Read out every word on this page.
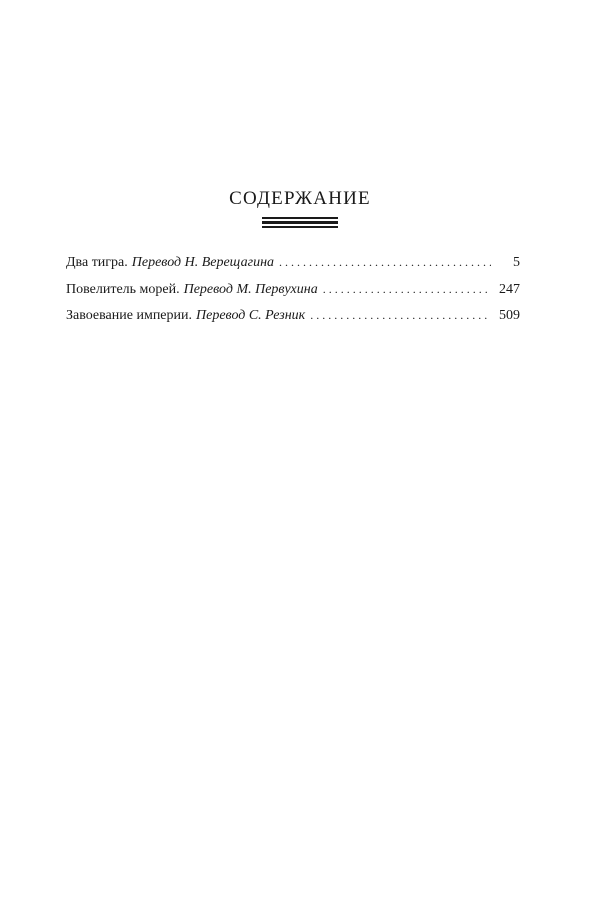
СОДЕРЖАНИЕ
Два тигра. Перевод Н. Верещагина . . .	5
Повелитель морей. Перевод М. Первухина . . .	247
Завоевание империи. Перевод С. Резник . . .	509
